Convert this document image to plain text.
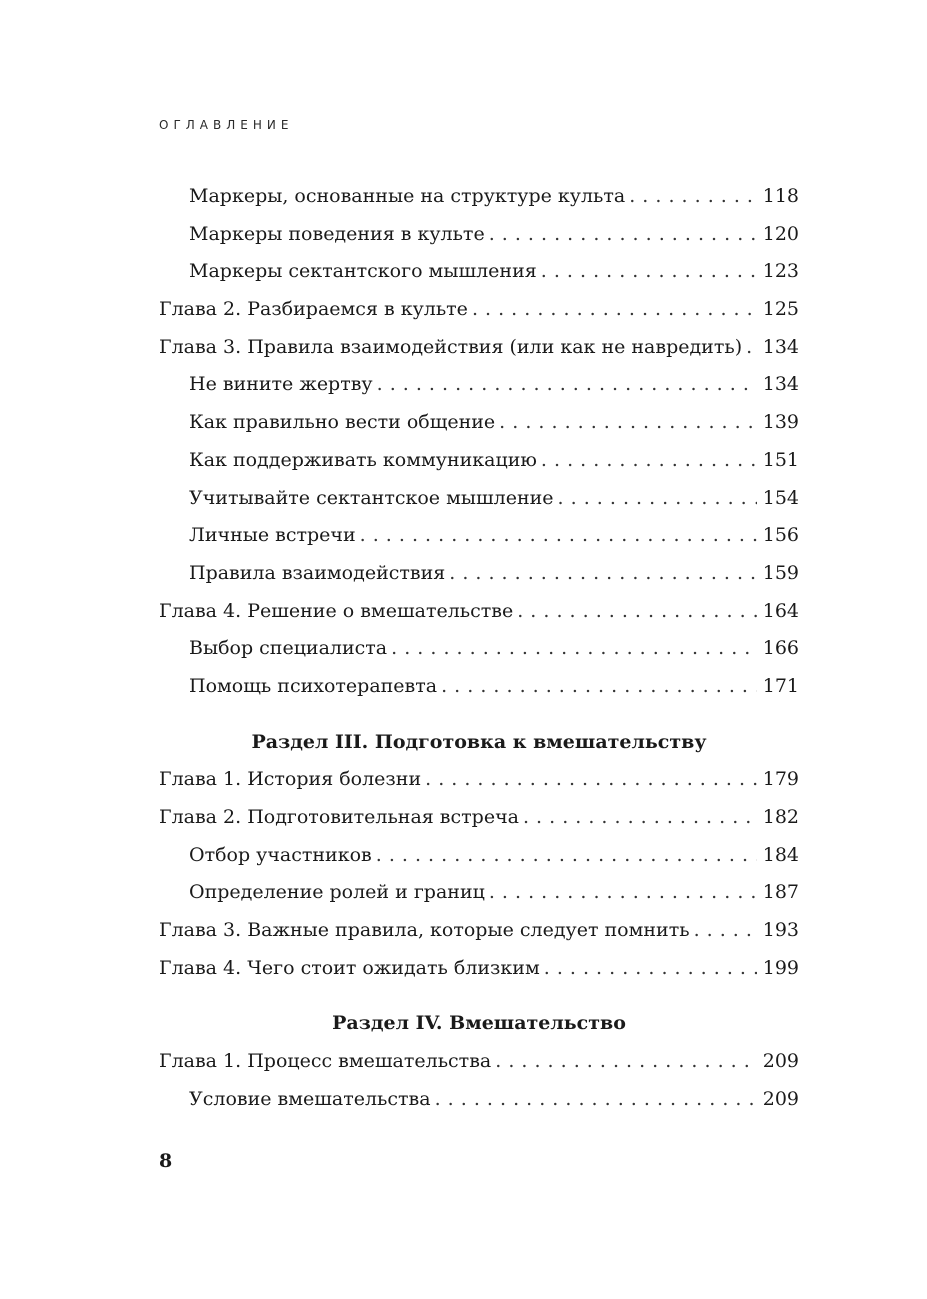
ОГЛАВЛЕНИЕ
Маркеры, основанные на структуре культа . . .	118
Маркеры поведения в культе . . .	120
Маркеры сектантского мышления . . .	123
Глава 2. Разбираемся в культе . . .	125
Глава 3. Правила взаимодействия (или как не навредить) . . . 134
Не вините жертву . . .	134
Как правильно вести общение . . .	139
Как поддерживать коммуникацию . . .	151
Учитывайте сектантское мышление . . .	154
Личные встречи . . .	156
Правила взаимодействия . . .	159
Глава 4. Решение о вмешательстве . . .	164
Выбор специалиста . . .	166
Помощь психотерапевта . . .	171
Раздел III. Подготовка к вмешательству
Глава 1. История болезни . . .	179
Глава 2. Подготовительная встреча . . .	182
Отбор участников . . .	184
Определение ролей и границ . . .	187
Глава 3. Важные правила, которые следует помнить . . .	193
Глава 4. Чего стоит ожидать близким . . .	199
Раздел IV. Вмешательство
Глава 1. Процесс вмешательства . . .	209
Условие вмешательства . . .	209
8
